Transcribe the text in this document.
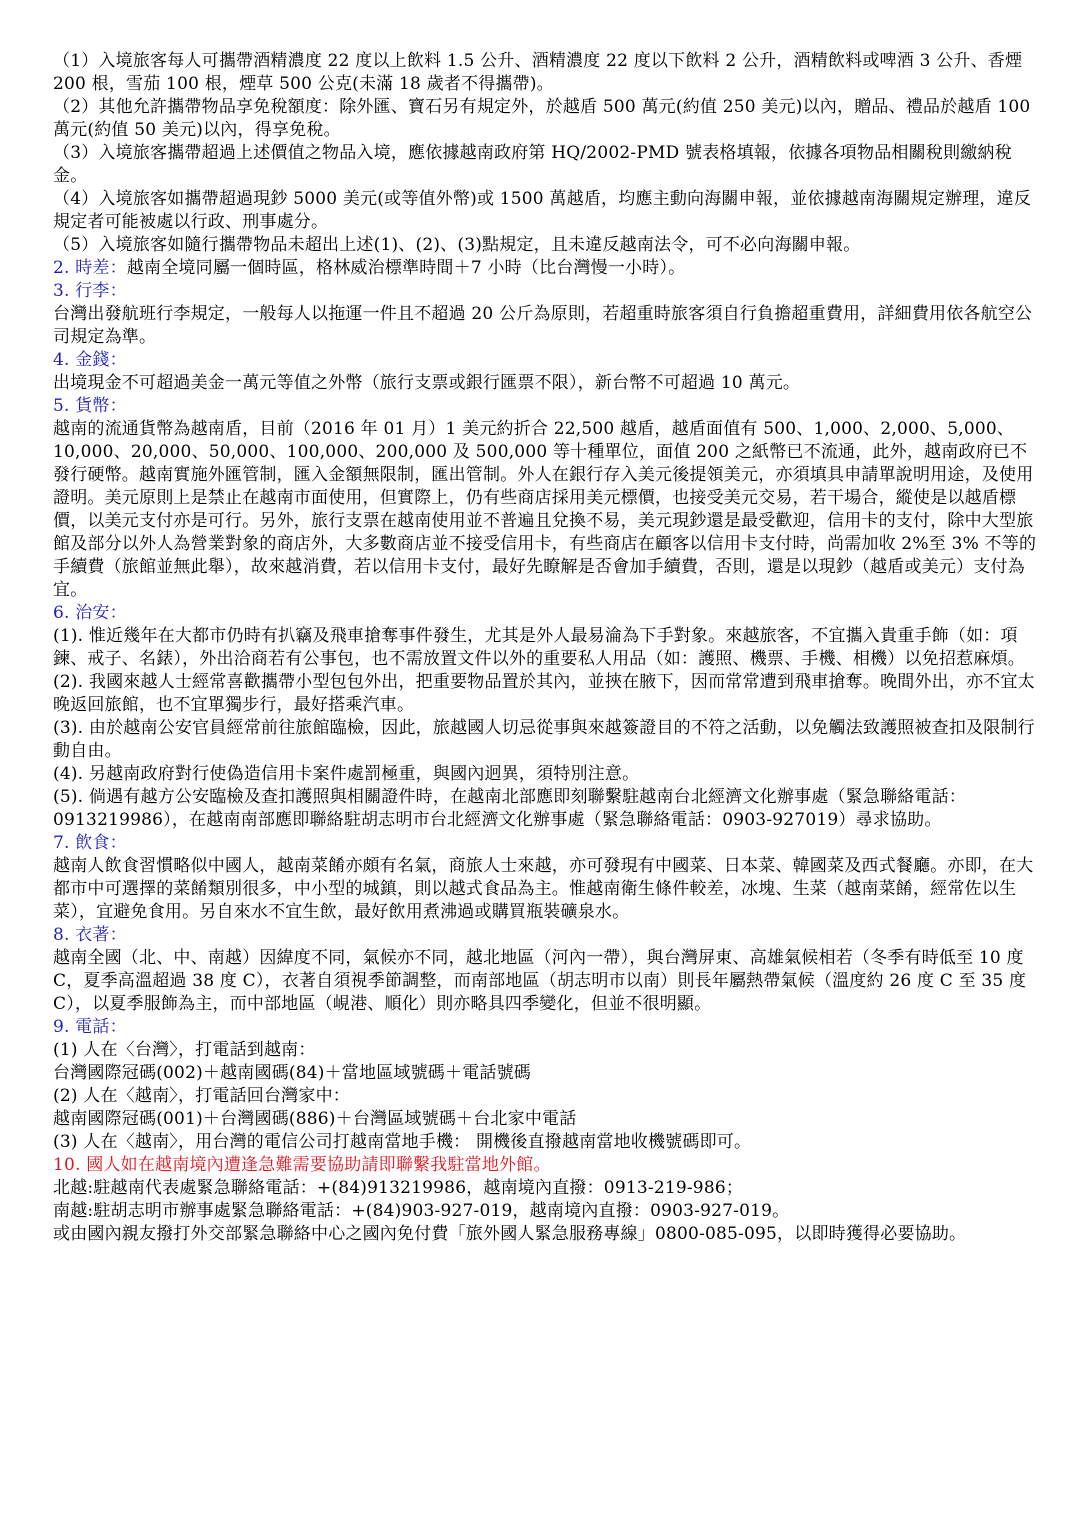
（1）入境旅客每人可攜帶酒精濃度 22 度以上飲料 1.5 公升、酒精濃度 22 度以下飲料 2 公升，酒精飲料或啤酒 3 公升、香煙 200 根，雪茄 100 根，煙草 500 公克(未滿 18 歲者不得攜帶)。

（2）其他允許攜帶物品享免稅額度：除外匯、寶石另有規定外，於越盾 500 萬元(約值 250 美元)以內，贈品、禮品於越盾 100 萬元(約值 50 美元)以內，得享免稅。

（3）入境旅客攜帶超過上述價值之物品入境，應依據越南政府第 HQ/2002-PMD 號表格填報，依據各項物品相關稅則繳納稅金。

（4）入境旅客如攜帶超過現鈔 5000 美元(或等值外幣)或 1500 萬越盾，均應主動向海關申報，並依據越南海關規定辦理，違反規定者可能被處以行政、刑事處分。

（5）入境旅客如隨行攜帶物品未超出上述(1)、(2)、(3)點規定，且未違反越南法令，可不必向海關申報。

2. 時差：越南全境同屬一個時區，格林威治標準時間＋7 小時（比台灣慢一小時）。

3. 行李：

台灣出發航班行李規定，一般每人以拖運一件且不超過 20 公斤為原則，若超重時旅客須自行負擔超重費用，詳細費用依各航空公司規定為準。

4. 金錢：

出境現金不可超過美金一萬元等值之外幣（旅行支票或銀行匯票不限），新台幣不可超過 10 萬元。

5. 貨幣：

越南的流通貨幣為越南盾，目前（2016 年 01 月）1 美元約折合 22,500 越盾，越盾面值有 500、1,000、2,000、5,000、10,000、20,000、50,000、100,000、200,000 及 500,000 等十種單位，面值 200 之紙幣已不流通，此外，越南政府已不發行硬幣。越南實施外匯管制，匯入金額無限制，匯出管制。外人在銀行存入美元後提領美元，亦須填具申請單說明用途，及使用證明。美元原則上是禁止在越南市面使用，但實際上，仍有些商店採用美元標價，也接受美元交易，若干場合，縱使是以越盾標價，以美元支付亦是可行。另外，旅行支票在越南使用並不普遍且兌換不易，美元現鈔還是最受歡迎，信用卡的支付，除中大型旅館及部分以外人為營業對象的商店外，大多數商店並不接受信用卡，有些商店在顧客以信用卡支付時，尚需加收 2%至 3% 不等的手續費（旅館並無此舉），故來越消費，若以信用卡支付，最好先瞭解是否會加手續費，否則，還是以現鈔（越盾或美元）支付為宜。

6. 治安：

(1). 惟近幾年在大都市仍時有扒竊及飛車搶奪事件發生，尤其是外人最易淪為下手對象。來越旅客，不宜攜入貴重手飾（如：項鍊、戒子、名錶），外出洽商若有公事包，也不需放置文件以外的重要私人用品（如：護照、機票、手機、相機）以免招惹麻煩。

(2). 我國來越人士經常喜歡攜帶小型包包外出，把重要物品置於其內，並挾在腋下，因而常常遭到飛車搶奪。晚間外出，亦不宜太晚返回旅館，也不宜單獨步行，最好搭乘汽車。

(3). 由於越南公安官員經常前往旅館臨檢，因此，旅越國人切忌從事與來越簽證目的不符之活動，以免觸法致護照被查扣及限制行動自由。

(4). 另越南政府對行使偽造信用卡案件處罰極重，與國內迥異，須特別注意。

(5). 倘遇有越方公安臨檢及查扣護照與相關證件時，在越南北部應即刻聯繫駐越南台北經濟文化辦事處（緊急聯絡電話：0913219986），在越南南部應即聯絡駐胡志明市台北經濟文化辦事處（緊急聯絡電話：0903-927019）尋求協助。

7. 飲食：

越南人飲食習慣略似中國人，越南菜餚亦頗有名氣，商旅人士來越，亦可發現有中國菜、日本菜、韓國菜及西式餐廳。亦即，在大都市中可選擇的菜餚類別很多，中小型的城鎮，則以越式食品為主。惟越南衛生條件較差，冰塊、生菜（越南菜餚，經常佐以生菜），宜避免食用。另自來水不宜生飲，最好飲用煮沸過或購買瓶裝礦泉水。

8. 衣著：

越南全國（北、中、南越）因緯度不同，氣候亦不同，越北地區（河內一帶），與台灣屏東、高雄氣候相若（冬季有時低至 10 度 C，夏季高溫超過 38 度 C），衣著自須視季節調整，而南部地區（胡志明市以南）則長年屬熱帶氣候（溫度約 26 度 C 至 35 度 C），以夏季服飾為主，而中部地區（峴港、順化）則亦略具四季變化，但並不很明顯。

9. 電話：

(1) 人在〈台灣〉，打電話到越南：

台灣國際冠碼(002)＋越南國碼(84)＋當地區域號碼＋電話號碼

(2) 人在〈越南〉，打電話回台灣家中：

越南國際冠碼(001)＋台灣國碼(886)＋台灣區域號碼＋台北家中電話

(3) 人在〈越南〉，用台灣的電信公司打越南當地手機： 開機後直撥越南當地收機號碼即可。

10. 國人如在越南境內遭逢急難需要協助請即聯繫我駐當地外館。

北越:駐越南代表處緊急聯絡電話：+(84)913219986，越南境內直撥：0913-219-986；

南越:駐胡志明市辦事處緊急聯絡電話：+(84)903-927-019，越南境內直撥：0903-927-019。

或由國內親友撥打外交部緊急聯絡中心之國內免付費「旅外國人緊急服務專線」0800-085-095，以即時獲得必要協助。
